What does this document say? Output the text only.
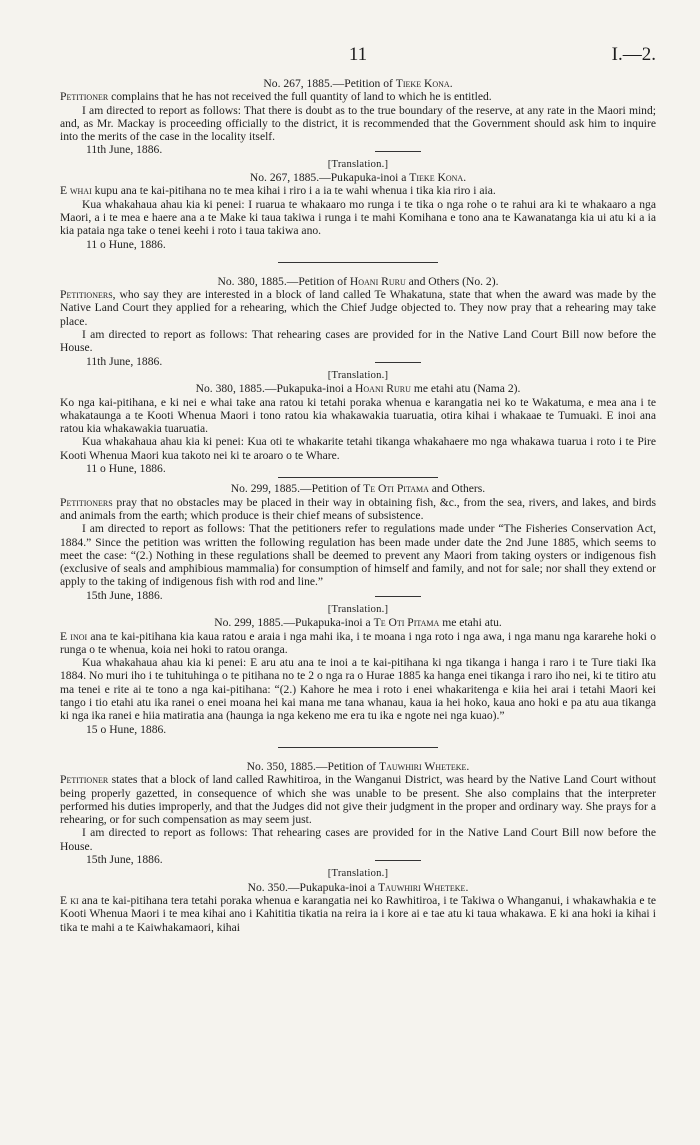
11	I.—2.

No. 267, 1885.—Petition of Tieke Kona.

Petitioner complains that he has not received the full quantity of land to which he is entitled.

I am directed to report as follows: That there is doubt as to the true boundary of the reserve, at any rate in the Maori mind; and, as Mr. Mackay is proceeding officially to the district, it is recommended that the Government should ask him to inquire into the merits of the case in the locality itself.

11th June, 1886.

[Translation.]

No. 267, 1885.—Pukapuka-inoi a Tieke Kona.

E whai kupu ana te kai-pitihana no te mea kihai i riro i a ia te wahi whenua i tika kia riro i aia.

Kua whakahaua ahau kia ki penei: I ruarua te whakaaro mo runga i te tika o nga rohe o te rahui ara ki te whakaaro a nga Maori, a i te mea e haere ana a te Make ki taua takiwa i runga i te mahi Komihana e tono ana te Kawanatanga kia ui atu ki a ia kia pataia nga take o tenei keehi i roto i taua takiwa ano.

11 o Hune, 1886.

No. 380, 1885.—Petition of Hoani Ruru and Others (No. 2).

Petitioners, who say they are interested in a block of land called Te Whakatuna, state that when the award was made by the Native Land Court they applied for a rehearing, which the Chief Judge objected to. They now pray that a rehearing may take place.

I am directed to report as follows: That rehearing cases are provided for in the Native Land Court Bill now before the House.

11th June, 1886.

[Translation.]

No. 380, 1885.—Pukapuka-inoi a Hoani Ruru me etahi atu (Nama 2).

Ko nga kai-pitihana, e ki nei e whai take ana ratou ki tetahi poraka whenua e karangatia nei ko te Wakatuma, e mea ana i te whakataunga a te Kooti Whenua Maori i tono ratou kia whakawakia tuaruatia, otira kihai i whakaae te Tumuaki. E inoi ana ratou kia whakawakia tuaruatia.

Kua whakahaua ahau kia ki penei: Kua oti te whakarite tetahi tikanga whakahaere mo nga whakawa tuarua i roto i te Pire Kooti Whenua Maori kua takoto nei ki te aroaro o te Whare.

11 o Hune, 1886.

No. 299, 1885.—Petition of Te Oti Pitama and Others.

Petitioners pray that no obstacles may be placed in their way in obtaining fish, &c., from the sea, rivers, and lakes, and birds and animals from the earth; which produce is their chief means of subsistence.

I am directed to report as follows: That the petitioners refer to regulations made under “The Fisheries Conservation Act, 1884.” Since the petition was written the following regulation has been made under date the 2nd June 1885, which seems to meet the case: “(2.) Nothing in these regulations shall be deemed to prevent any Maori from taking oysters or indigenous fish (exclusive of seals and amphibious mammalia) for consumption of himself and family, and not for sale; nor shall they extend or apply to the taking of indigenous fish with rod and line.”

15th June, 1886.

[Translation.]

No. 299, 1885.—Pukapuka-inoi a Te Oti Pitama me etahi atu.

E inoi ana te kai-pitihana kia kaua ratou e araia i nga mahi ika, i te moana i nga roto i nga awa, i nga manu nga kararehe hoki o runga o te whenua, koia nei hoki to ratou oranga.

Kua whakahaua ahau kia ki penei: E aru atu ana te inoi a te kai-pitihana ki nga tikanga i hanga i raro i te Ture tiaki Ika 1884. No muri iho i te tuhituhinga o te pitihana no te 2 o nga ra o Hurae 1885 ka hanga enei tikanga i raro iho nei, ki te titiro atu ma tenei e rite ai te tono a nga kai-pitihana: “(2.) Kahore he mea i roto i enei whakaritenga e kiia hei arai i tetahi Maori kei tango i tio etahi atu ika ranei o enei moana hei kai mana me tana whanau, kaua ia hei hoko, kaua ano hoki e pa atu aua tikanga ki nga ika ranei e hiia matiratia ana (haunga ia nga kekeno me era tu ika e ngote nei nga kuao).”

15 o Hune, 1886.

No. 350, 1885.—Petition of Tauwhiri Wheteke.

Petitioner states that a block of land called Rawhitiroa, in the Wanganui District, was heard by the Native Land Court without being properly gazetted, in consequence of which she was unable to be present. She also complains that the interpreter performed his duties improperly, and that the Judges did not give their judgment in the proper and ordinary way. She prays for a rehearing, or for such compensation as may seem just.

I am directed to report as follows: That rehearing cases are provided for in the Native Land Court Bill now before the House.

15th June, 1886.

[Translation.]

No. 350.—Pukapuka-inoi a Tauwhiri Wheteke.

E ki ana te kai-pitihana tera tetahi poraka whenua e karangatia nei ko Rawhitiroa, i te Takiwa o Whanganui, i whakawhakia e te Kooti Whenua Maori i te mea kihai ano i Kahititia tikatia na reira ia i kore ai e tae atu ki taua whakawa. E ki ana hoki ia kihai i tika te mahi a te Kaiwhakamaori, kihai
